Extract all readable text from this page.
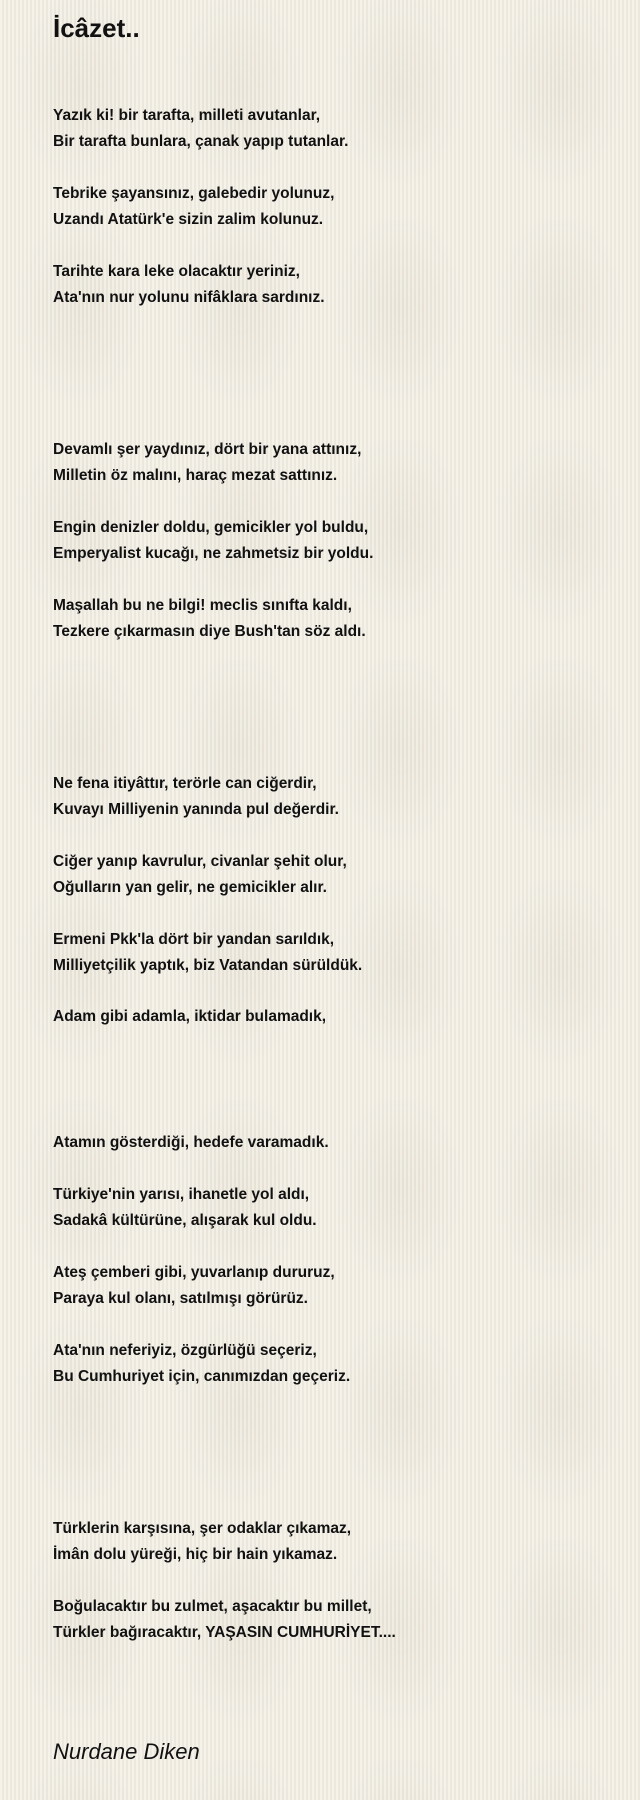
İcâzet..

Yazık ki! bir tarafta, milleti avutanlar,
Bir tarafta bunlara, çanak yapıp tutanlar.

Tebrike şayansınız, galebedir yolunuz,
Uzandı Atatürk'e sizin zalim kolunuz.

Tarihte kara leke olacaktır yeriniz,
Ata'nın nur yolunu nifâklara sardınız.

Devamlı şer yaydınız, dört bir yana attınız,
Milletin öz malını, haraç mezat sattınız.

Engin denizler doldu, gemicikler yol buldu,
Emperyalist kucağı, ne zahmetsiz bir yoldu.

Maşallah bu ne bilgi! meclis sınıfta kaldı,
Tezkere çıkarmasın diye Bush'tan söz aldı.

Ne fena itiyâttır, terörle can ciğerdir,
Kuvayı Milliyenin yanında pul değerdir.

Ciğer yanıp kavrulur, civanlar şehit olur,
Oğulların yan gelir, ne gemicikler alır.

Ermeni Pkk'la dört bir yandan sarıldık,
Milliyetçilik yaptık, biz Vatandan sürüldük.

Adam gibi adamla, iktidar bulamadık,

Atamın gösterdiği, hedefe varamadık.

Türkiye'nin yarısı, ihanetle yol aldı,
Sadakâ kültürüne, alışarak kul oldu.

Ateş çemberi gibi, yuvarlanıp dururuz,
Paraya kul olanı, satılmışı görürüz.

Ata'nın neferiyiz, özgürlüğü seçeriz,
Bu Cumhuriyet için, canımızdan geçeriz.

Türklerin karşısına, şer odaklar çıkamaz,
İmân dolu yüreği, hiç bir hain yıkamaz.

Boğulacaktır bu zulmet, aşacaktır bu millet,
Türkler bağıracaktır, YAŞASIN CUMHURİYET....

Nurdane Diken
